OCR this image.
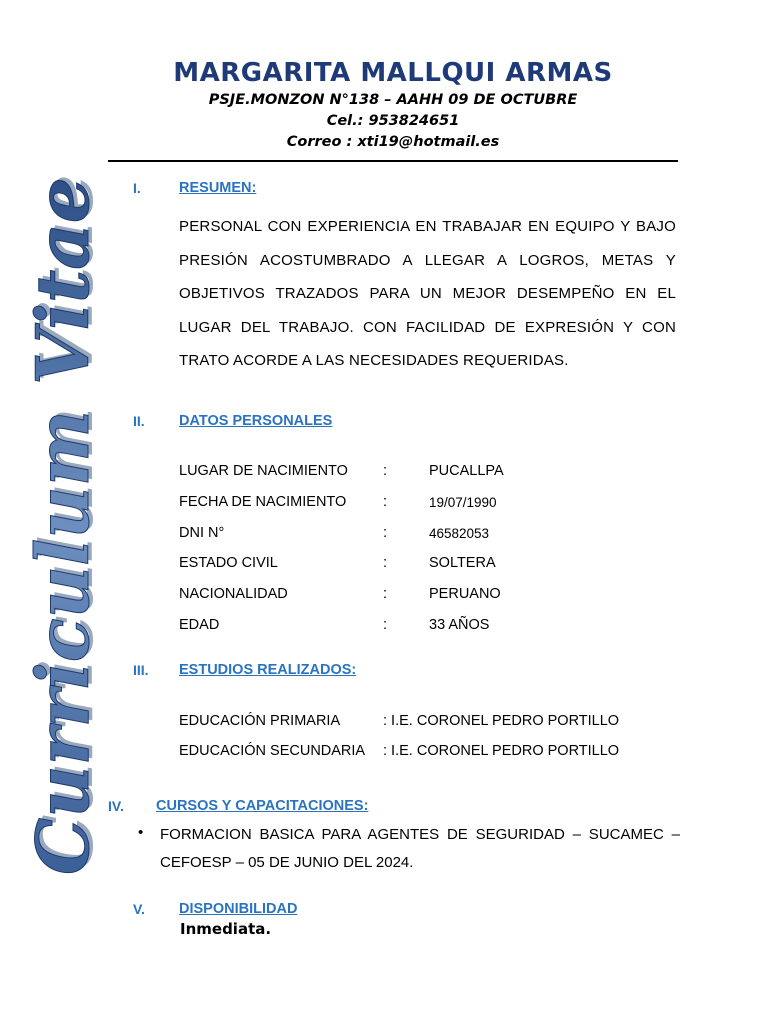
Curriculum Vitae
Curriculum Vitae
MARGARITA MALLQUI ARMAS
PSJE.MONZON N°138 – AAHH 09 DE OCTUBRE
Cel.: 953824651
Correo : xti19@hotmail.es
I.	RESUMEN:
PERSONAL CON EXPERIENCIA EN TRABAJAR EN EQUIPO Y BAJO PRESIÓN ACOSTUMBRADO A LLEGAR A LOGROS, METAS Y OBJETIVOS TRAZADOS PARA UN MEJOR DESEMPEÑO EN EL LUGAR DEL TRABAJO. CON FACILIDAD DE EXPRESIÓN Y CON TRATO ACORDE A LAS NECESIDADES REQUERIDAS.
II. DATOS PERSONALES
LUGAR DE NACIMIENTO :	PUCALLPA
FECHA DE NACIMIENTO	:	19/07/1990
DNI N°	:	46582053
ESTADO CIVIL	:	SOLTERA
NACIONALIDAD	:	PERUANO
EDAD	:	33 AÑOS
III. ESTUDIOS REALIZADOS:
EDUCACIÓN PRIMARIA	: I.E. CORONEL PEDRO PORTILLO
EDUCACIÓN SECUNDARIA : I.E. CORONEL PEDRO PORTILLO
IV. CURSOS Y CAPACITACIONES:
• FORMACION BASICA PARA AGENTES DE SEGURIDAD – SUCAMEC – CEFOESP – 05 DE JUNIO DEL 2024.
V. DISPONIBILIDAD
Inmediata.
